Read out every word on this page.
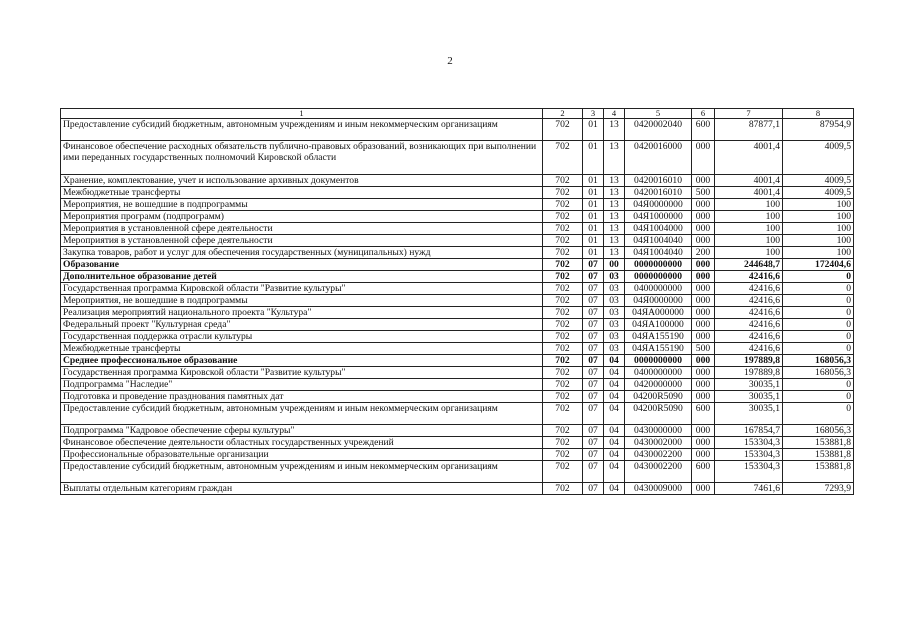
2
1	2	3	4	5	6	7	8
Предоставление субсидий бюджетным, автономным учреждениям и иным некоммерческим организациям	702	01	13	0420002040	600	87877,1	87954,9
Финансовое обеспечение расходных обязательств публично-правовых образований, возникающих при выполнении ими переданных государственных полномочий Кировской области	702	01	13	0420016000	000	4001,4	4009,5
Хранение, комплектование, учет и использование архивных документов	702	01	13	0420016010	000	4001,4	4009,5
Межбюджетные трансферты	702	01	13	0420016010	500	4001,4	4009,5
Мероприятия, не вошедшие в подпрограммы	702	01	13	04Я0000000	000	100	100
Мероприятия программ (подпрограмм)	702	01	13	04Я1000000	000	100	100
Мероприятия в установленной сфере деятельности	702	01	13	04Я1004000	000	100	100
Мероприятия в установленной сфере деятельности	702	01	13	04Я1004040	000	100	100
Закупка товаров, работ и услуг для обеспечения государственных (муниципальных) нужд	702	01	13	04Я1004040	200	100	100
Образование	702	07	00	0000000000	000	244648,7	172404,6
Дополнительное образование детей	702	07	03	0000000000	000	42416,6	0
Государственная программа Кировской области "Развитие культуры"	702	07	03	0400000000	000	42416,6	0
Мероприятия, не вошедшие в подпрограммы	702	07	03	04Я0000000	000	42416,6	0
Реализация мероприятий национального проекта "Культура"	702	07	03	04ЯА000000	000	42416,6	0
Федеральный проект "Культурная среда"	702	07	03	04ЯА100000	000	42416,6	0
Государственная поддержка отрасли культуры	702	07	03	04ЯА155190	000	42416,6	0
Межбюджетные трансферты	702	07	03	04ЯА155190	500	42416,6	0
Среднее профессиональное образование	702	07	04	0000000000	000	197889,8	168056,3
Государственная программа Кировской области "Развитие культуры"	702	07	04	0400000000	000	197889,8	168056,3
Подпрограмма "Наследие"	702	07	04	0420000000	000	30035,1	0
Подготовка и проведение празднования памятных дат	702	07	04	04200R5090	000	30035,1	0
Предоставление субсидий бюджетным, автономным учреждениям и иным некоммерческим организациям	702	07	04	04200R5090	600	30035,1	0
Подпрограмма "Кадровое обеспечение сферы культуры"	702	07	04	0430000000	000	167854,7	168056,3
Финансовое обеспечение деятельности областных государственных учреждений	702	07	04	0430002000	000	153304,3	153881,8
Профессиональные образовательные организации	702	07	04	0430002200	000	153304,3	153881,8
Предоставление субсидий бюджетным, автономным учреждениям и иным некоммерческим организациям	702	07	04	0430002200	600	153304,3	153881,8
Выплаты отдельным категориям граждан	702	07	04	0430009000	000	7461,6	7293,9
